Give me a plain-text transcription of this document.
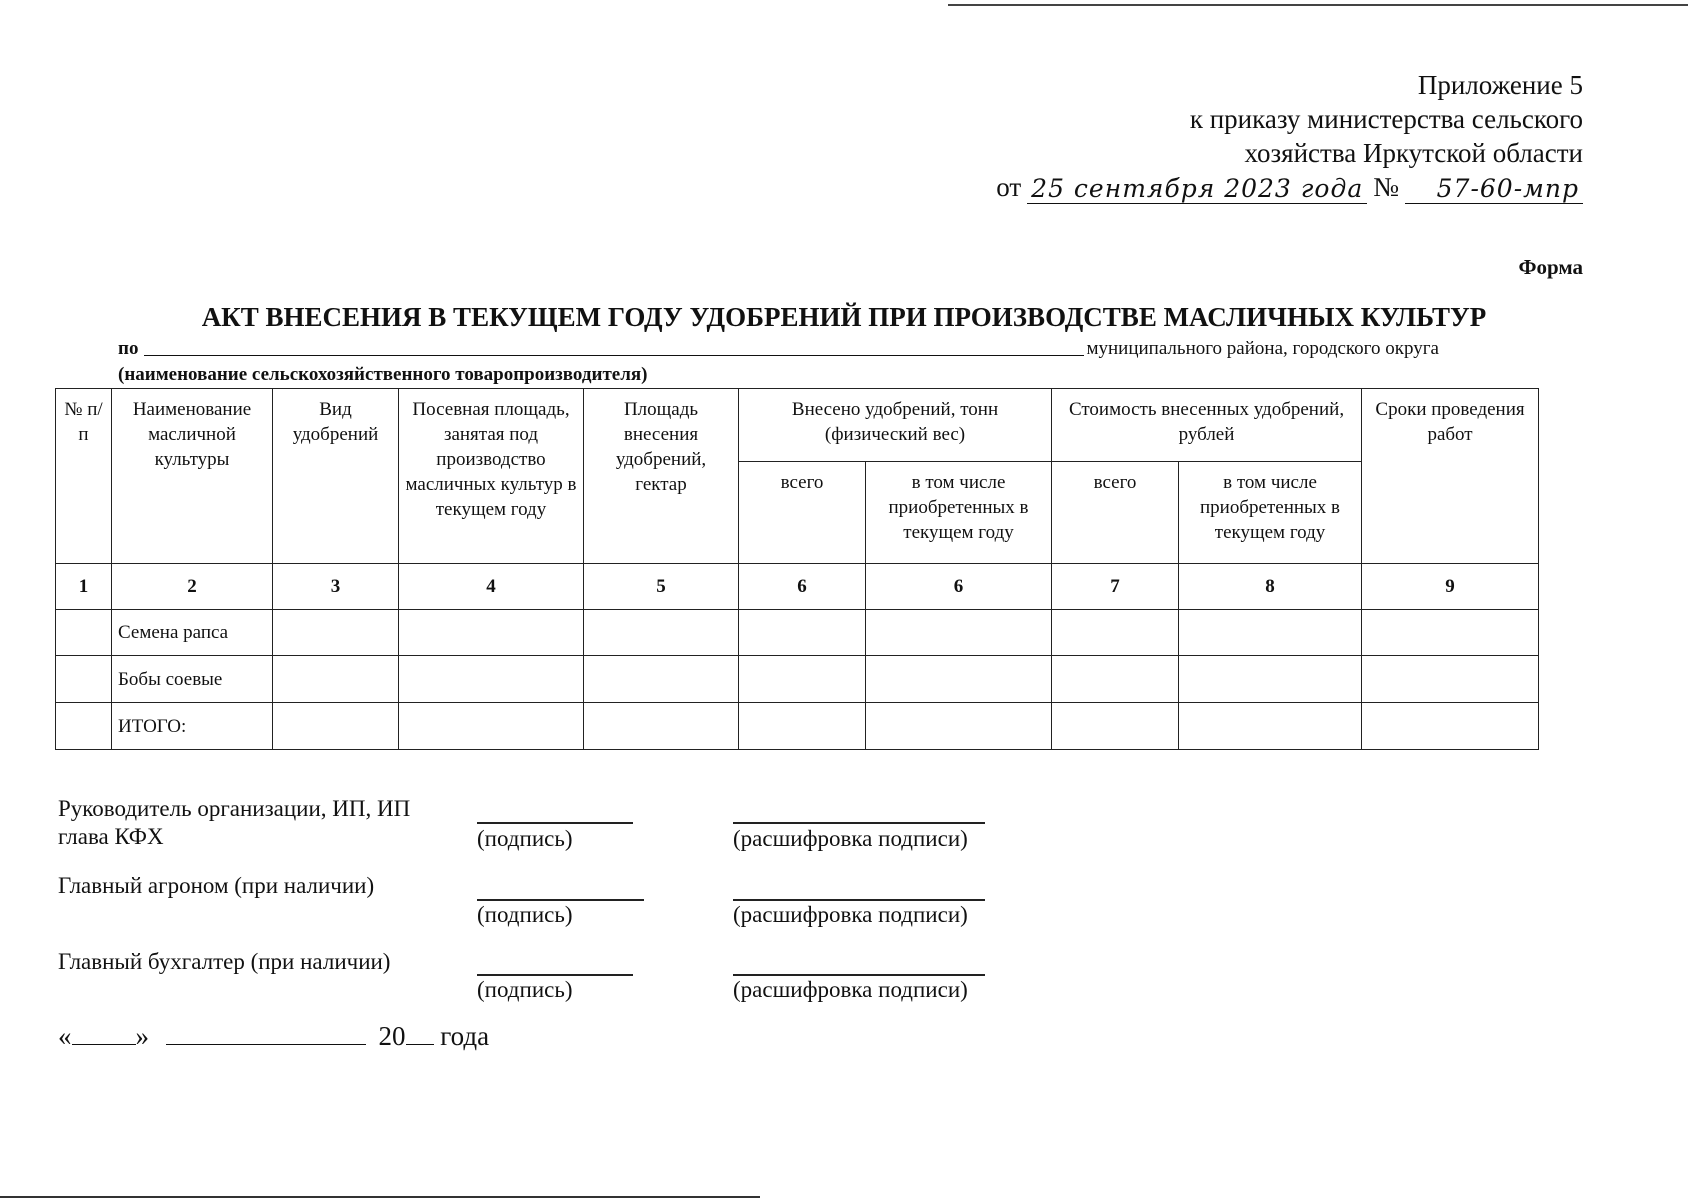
Приложение 5
к приказу министерства сельского
хозяйства Иркутской области
от 25 сентября 2023 года №	57-60-мпр
Форма
АКТ ВНЕСЕНИЯ В ТЕКУЩЕМ ГОДУ УДОБРЕНИЙ ПРИ ПРОИЗВОДСТВЕ МАСЛИЧНЫХ КУЛЬТУР
по	муниципального района, городского округа
(наименование сельскохозяйственного товаропроизводителя)
№ п/п	Наименование масличной культуры	Вид удобрений	Посевная площадь, занятая под производство масличных культур в текущем году	Площадь внесения удобрений, гектар	Внесено удобрений, тонн (физический вес)		Стоимость внесенных удобрений, рублей		Сроки проведения работ
					всего	в том числе приобретенных в текущем году	всего	в том числе приобретенных в текущем году	
1	2	3	4	5	6	6	7	8	9
	Семена рапса								
	Бобы соевые								
	ИТОГО:								
Руководитель организации, ИП, ИП
глава КФХ	(подпись)	(расшифровка подписи)
Главный агроном (при наличии)
(подпись)	(расшифровка подписи)
Главный бухгалтер (при наличии)
(подпись)	(расшифровка подписи)
« »	20 года
